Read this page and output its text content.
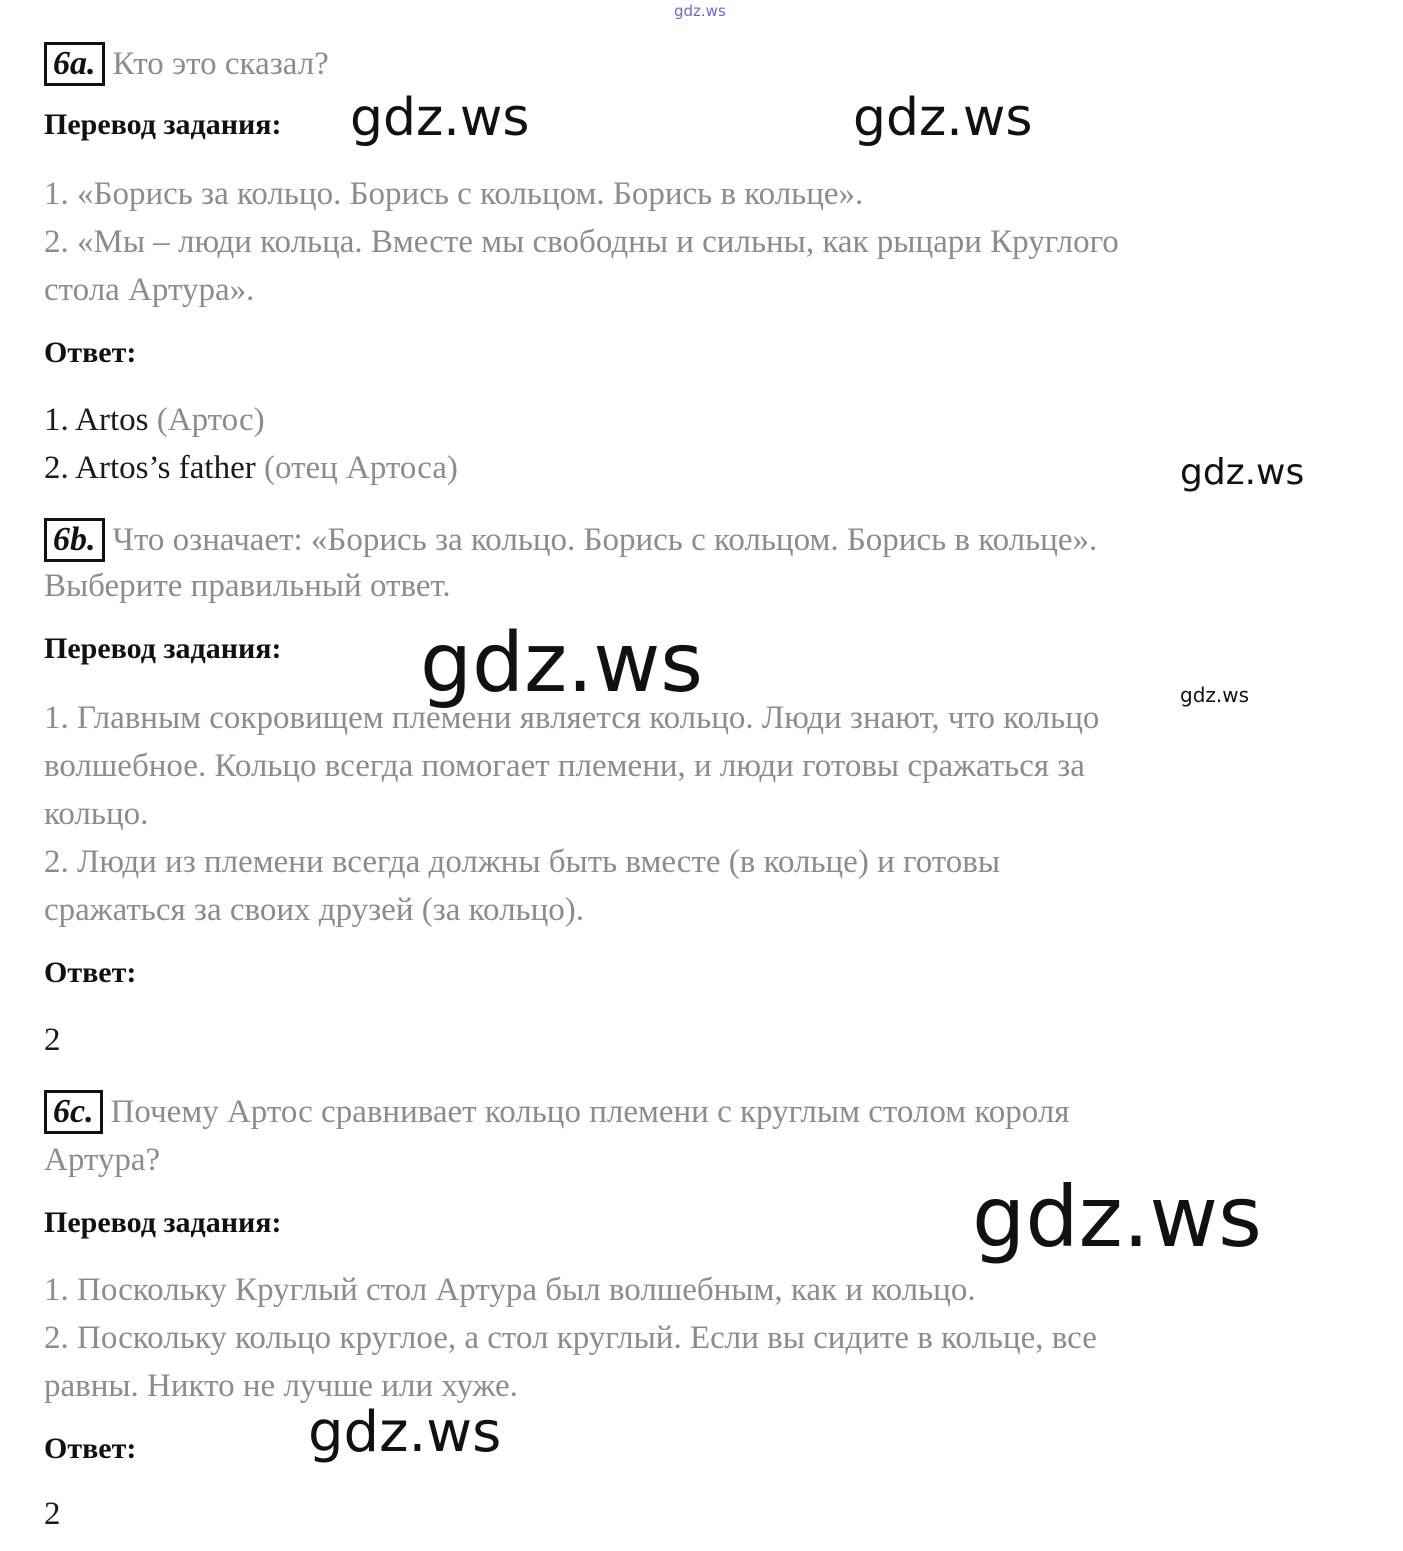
gdz.ws
6a. Кто это сказал?
Перевод задания: gdz.ws	gdz.ws
1. «Борись за кольцо. Борись с кольцом. Борись в кольце».
2. «Мы – люди кольца. Вместе мы свободны и сильны, как рыцари Круглого
стола Артура».
Ответ:
1. Artos (Артос)
2. Artos’s father (отец Артоса)	gdz.ws
6b. Что означает: «Борись за кольцо. Борись с кольцом. Борись в кольце».
Выберите правильный ответ.
Перевод задания: gdz.ws	gdz.ws
1. Главным сокровищем племени является кольцо. Люди знают, что кольцо
волшебное. Кольцо всегда помогает племени, и люди готовы сражаться за
кольцо.
2. Люди из племени всегда должны быть вместе (в кольце) и готовы
сражаться за своих друзей (за кольцо).
Ответ:
2
6c. Почему Артос сравнивает кольцо племени с круглым столом короля
Артура?
Перевод задания:	gdz.ws
1. Поскольку Круглый стол Артура был волшебным, как и кольцо.
2. Поскольку кольцо круглое, а стол круглый. Если вы сидите в кольце, все
равны. Никто не лучше или хуже.
Ответ:	gdz.ws
2
